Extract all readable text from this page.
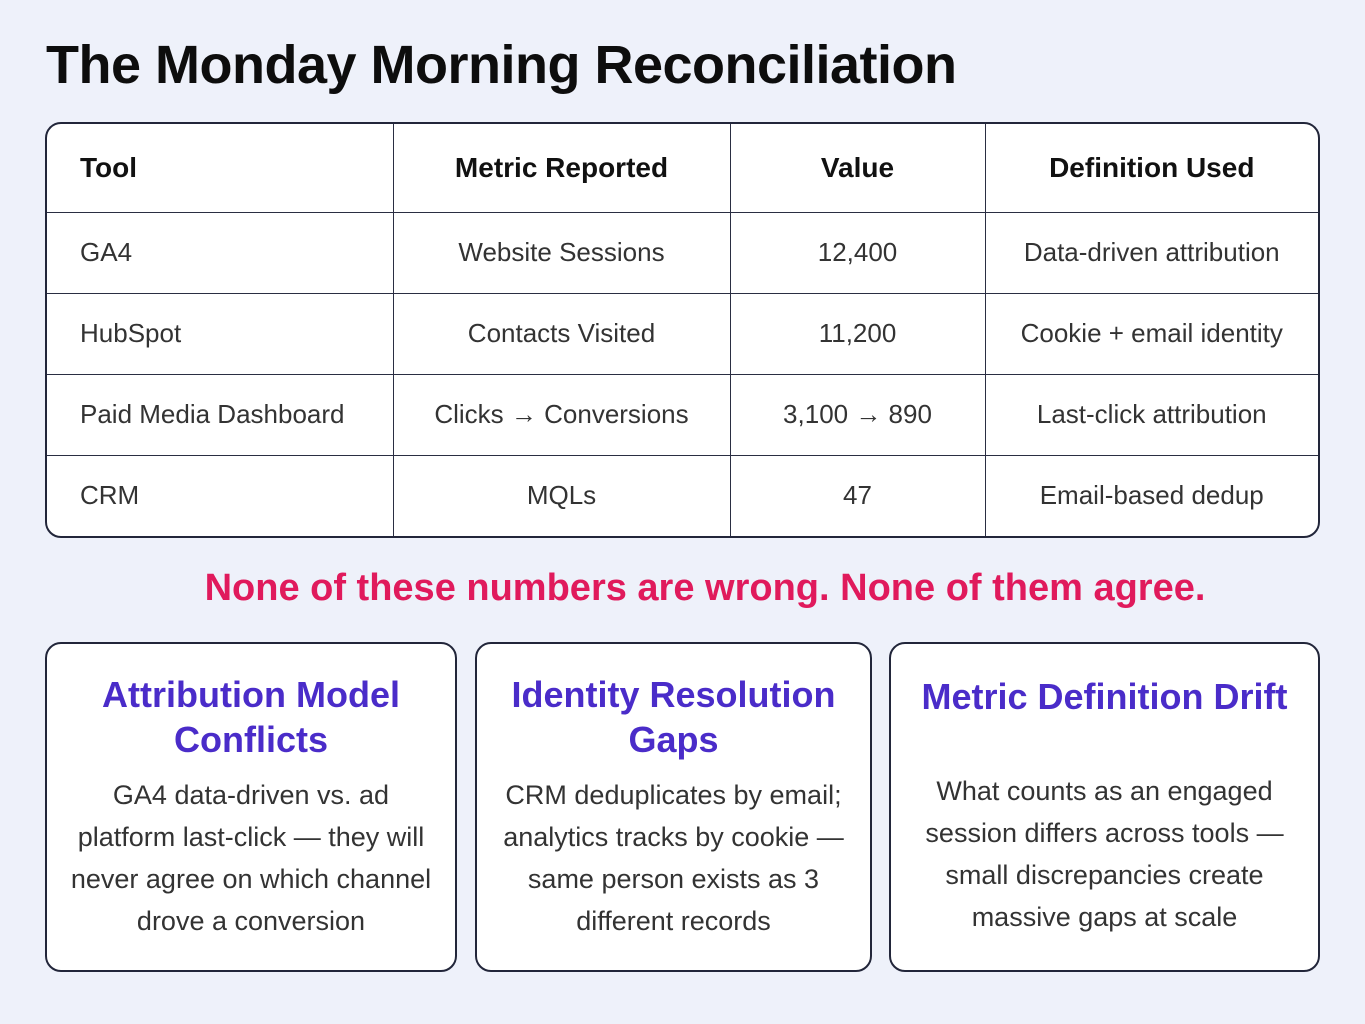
The Monday Morning Reconciliation
Tool	Metric Reported	Value	Definition Used
GA4	Website Sessions	12,400	Data-driven attribution
HubSpot	Contacts Visited	11,200	Cookie + email identity
Paid Media Dashboard	Clicks → Conversions	3,100 → 890	Last-click attribution
CRM	MQLs	47	Email-based dedup
None of these numbers are wrong. None of them agree.
Attribution Model Conflicts

GA4 data-driven vs. ad platform last-click — they will never agree on which channel drove a conversion

Identity Resolution Gaps

CRM deduplicates by email; analytics tracks by cookie — same person exists as 3 different records

Metric Definition Drift

What counts as an engaged session differs across tools — small discrepancies create massive gaps at scale
